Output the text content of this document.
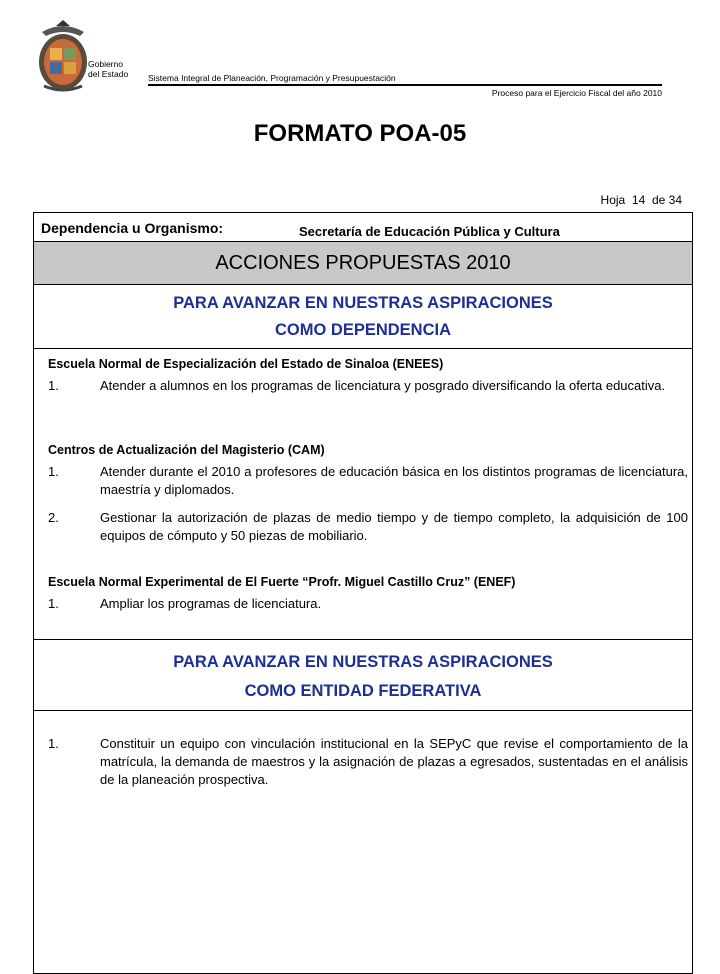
Gobierno
del Estado Sistema Integral de Planeación, Programación y Presupuestación
Proceso para el Ejercicio Fiscal del año 2010
FORMATO POA-05
Hoja 14 de 34
Dependencia u Organismo:	Secretaría de Educación Pública y Cultura
ACCIONES PROPUESTAS 2010
PARA AVANZAR EN NUESTRAS ASPIRACIONES
COMO DEPENDENCIA
Escuela Normal de Especialización del Estado de Sinaloa (ENEES)
1.	Atender a alumnos en los programas de licenciatura y posgrado diversificando la oferta educativa.
Centros de Actualización del Magisterio (CAM)
1.	Atender durante el 2010 a profesores de educación básica en los distintos programas de licenciatura, maestría y diplomados.
2.	Gestionar la autorización de plazas de medio tiempo y de tiempo completo, la adquisición de 100 equipos de cómputo y 50 piezas de mobiliario.
Escuela Normal Experimental de El Fuerte “Profr. Miguel Castillo Cruz” (ENEF)
1.	Ampliar los programas de licenciatura.
PARA AVANZAR EN NUESTRAS ASPIRACIONES
COMO ENTIDAD FEDERATIVA
1.	Constituir un equipo con vinculación institucional en la SEPyC que revise el comportamiento de la matrícula, la demanda de maestros y la asignación de plazas a egresados, sustentadas en el análisis de la planeación prospectiva.
